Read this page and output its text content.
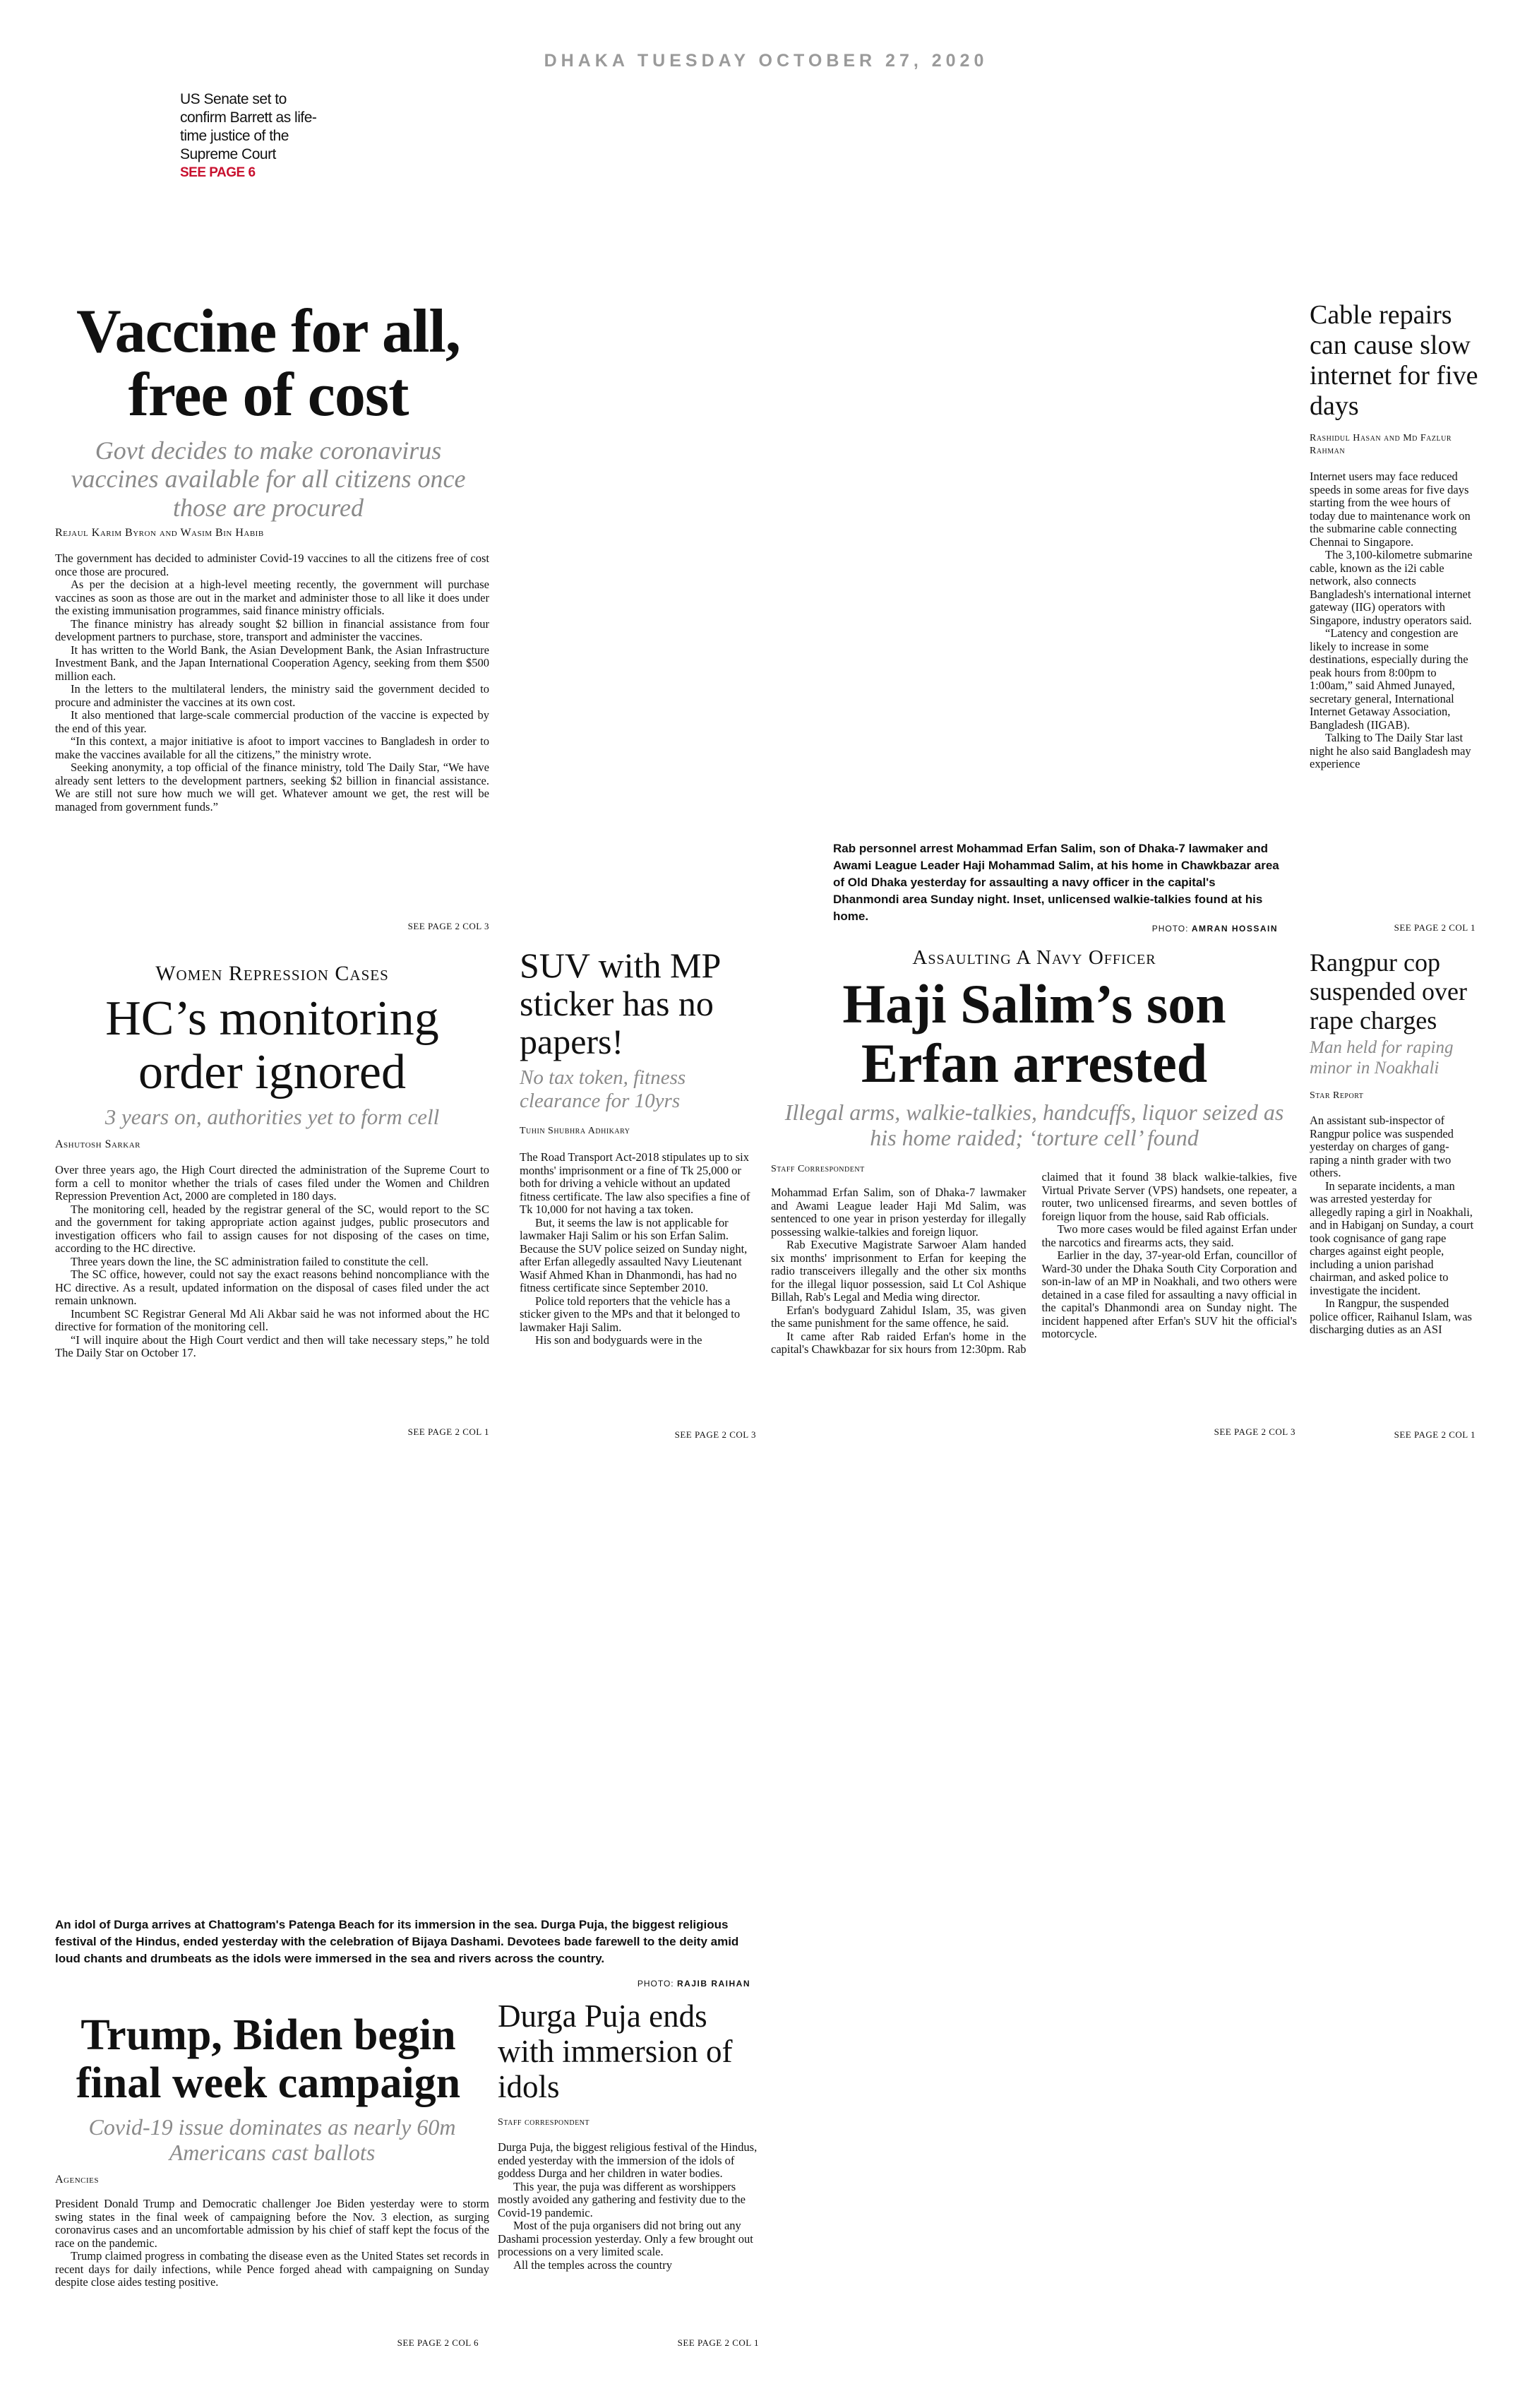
DHAKA TUESDAY OCTOBER 27, 2020
US Senate set to confirm Barrett as life-time justice of the Supreme Court
SEE PAGE 6
Vaccine for all, free of cost
Govt decides to make coronavirus vaccines available for all citizens once those are procured
Rejaul Karim Byron and Wasim Bin Habib

The government has decided to administer Covid-19 vaccines to all the citizens free of cost once those are procured.

As per the decision at a high-level meeting recently, the government will purchase vaccines as soon as those are out in the market and administer those to all like it does under the existing immunisation programmes, said finance ministry officials.

The finance ministry has already sought $2 billion in financial assistance from four development partners to purchase, store, transport and administer the vaccines.

It has written to the World Bank, the Asian Development Bank, the Asian Infrastructure Investment Bank, and the Japan International Cooperation Agency, seeking from them $500 million each.

In the letters to the multilateral lenders, the ministry said the government decided to procure and administer the vaccines at its own cost.

It also mentioned that large-scale commercial production of the vaccine is expected by the end of this year.

“In this context, a major initiative is afoot to import vaccines to Bangladesh in order to make the vaccines available for all the citizens,” the ministry wrote.

Seeking anonymity, a top official of the finance ministry, told The Daily Star, “We have already sent letters to the development partners, seeking $2 billion in financial assistance. We are still not sure how much we will get. Whatever amount we get, the rest will be managed from government funds.”

SEE PAGE 2 COL 3
Cable repairs can cause slow internet for five days
Rashidul Hasan and Md Fazlur Rahman

Internet users may face reduced speeds in some areas for five days starting from the wee hours of today due to maintenance work on the submarine cable connecting Chennai to Singapore.

The 3,100-kilometre submarine cable, known as the i2i cable network, also connects Bangladesh's international internet gateway (IIG) operators with Singapore, industry operators said.

“Latency and congestion are likely to increase in some destinations, especially during the peak hours from 8:00pm to 1:00am,” said Ahmed Junayed, secretary general, International Internet Getaway Association, Bangladesh (IIGAB).

Talking to The Daily Star last night he also said Bangladesh may experience

SEE PAGE 2 COL 1
Rab personnel arrest Mohammad Erfan Salim, son of Dhaka-7 lawmaker and Awami League Leader Haji Mohammad Salim, at his home in Chawkbazar area of Old Dhaka yesterday for assaulting a navy officer in the capital's Dhanmondi area Sunday night. Inset, unlicensed walkie-talkies found at his home.
PHOTO: AMRAN HOSSAIN
Women Repression Cases
HC’s monitoring order ignored
3 years on, authorities yet to form cell
Ashutosh Sarkar

Over three years ago, the High Court directed the administration of the Supreme Court to form a cell to monitor whether the trials of cases filed under the Women and Children Repression Prevention Act, 2000 are completed in 180 days.

The monitoring cell, headed by the registrar general of the SC, would report to the SC and the government for taking appropriate action against judges, public prosecutors and investigation officers who fail to assign causes for not disposing of the cases on time, according to the HC directive.

Three years down the line, the SC administration failed to constitute the cell.

The SC office, however, could not say the exact reasons behind noncompliance with the HC directive. As a result, updated information on the disposal of cases filed under the act remain unknown.

Incumbent SC Registrar General Md Ali Akbar said he was not informed about the HC directive for formation of the monitoring cell.

“I will inquire about the High Court verdict and then will take necessary steps,” he told The Daily Star on October 17.

SEE PAGE 2 COL 1
SUV with MP sticker has no papers!
No tax token, fitness clearance for 10yrs
Tuhin Shubhra Adhikary

The Road Transport Act-2018 stipulates up to six months' imprisonment or a fine of Tk 25,000 or both for driving a vehicle without an updated fitness certificate. The law also specifies a fine of Tk 10,000 for not having a tax token.

But, it seems the law is not applicable for lawmaker Haji Salim or his son Erfan Salim. Because the SUV police seized on Sunday night, after Erfan allegedly assaulted Navy Lieutenant Wasif Ahmed Khan in Dhanmondi, has had no fitness certificate since September 2010.

Police told reporters that the vehicle has a sticker given to the MPs and that it belonged to lawmaker Haji Salim.

His son and bodyguards were in the

SEE PAGE 2 COL 3
Assaulting A Navy Officer
Haji Salim’s son Erfan arrested
Illegal arms, walkie-talkies, handcuffs, liquor seized as his home raided; ‘torture cell’ found
Staff Correspondent

Mohammad Erfan Salim, son of Dhaka-7 lawmaker and Awami League leader Haji Md Salim, was sentenced to one year in prison yesterday for illegally possessing walkie-talkies and foreign liquor.

Rab Executive Magistrate Sarwoer Alam handed six months' imprisonment to Erfan for keeping the radio transceivers illegally and the other six months for the illegal liquor possession, said Lt Col Ashique Billah, Rab's Legal and Media wing director.

Erfan's bodyguard Zahidul Islam, 35, was given the same punishment for the same offence, he said.

It came after Rab raided Erfan's home in the capital's Chawkbazar for six hours from 12:30pm. Rab claimed that it found 38 black walkie-talkies, five Virtual Private Server (VPS) handsets, one repeater, a router, two unlicensed firearms, and seven bottles of foreign liquor from the house, said Rab officials.

Two more cases would be filed against Erfan under the narcotics and firearms acts, they said.

Earlier in the day, 37-year-old Erfan, councillor of Ward-30 under the Dhaka South City Corporation and son-in-law of an MP in Noakhali, and two others were detained in a case filed for assaulting a navy official in the capital's Dhanmondi area on Sunday night. The incident happened after Erfan's SUV hit the official's motorcycle.

SEE PAGE 2 COL 3
Rangpur cop suspended over rape charges
Man held for raping minor in Noakhali
Star Report

An assistant sub-inspector of Rangpur police was suspended yesterday on charges of gang-raping a ninth grader with two others.

In separate incidents, a man was arrested yesterday for allegedly raping a girl in Noakhali, and in Habiganj on Sunday, a court took cognisance of gang rape charges against eight people, including a union parishad chairman, and asked police to investigate the incident.

In Rangpur, the suspended police officer, Raihanul Islam, was discharging duties as an ASI

SEE PAGE 2 COL 1
An idol of Durga arrives at Chattogram's Patenga Beach for its immersion in the sea. Durga Puja, the biggest religious festival of the Hindus, ended yesterday with the celebration of Bijaya Dashami. Devotees bade farewell to the deity amid loud chants and drumbeats as the idols were immersed in the sea and rivers across the country.
PHOTO: RAJIB RAIHAN
Trump, Biden begin final week campaign
Covid-19 issue dominates as nearly 60m Americans cast ballots
Agencies

President Donald Trump and Democratic challenger Joe Biden yesterday were to storm swing states in the final week of campaigning before the Nov. 3 election, as surging coronavirus cases and an uncomfortable admission by his chief of staff kept the focus of the race on the pandemic.

Trump claimed progress in combating the disease even as the United States set records in recent days for daily infections, while Pence forged ahead with campaigning on Sunday despite close aides testing positive.

SEE PAGE 2 COL 6
Durga Puja ends with immersion of idols
Staff correspondent

Durga Puja, the biggest religious festival of the Hindus, ended yesterday with the immersion of the idols of goddess Durga and her children in water bodies.

This year, the puja was different as worshippers mostly avoided any gathering and festivity due to the Covid-19 pandemic.

Most of the puja organisers did not bring out any Dashami procession yesterday. Only a few brought out processions on a very limited scale.

All the temples across the country

SEE PAGE 2 COL 1
